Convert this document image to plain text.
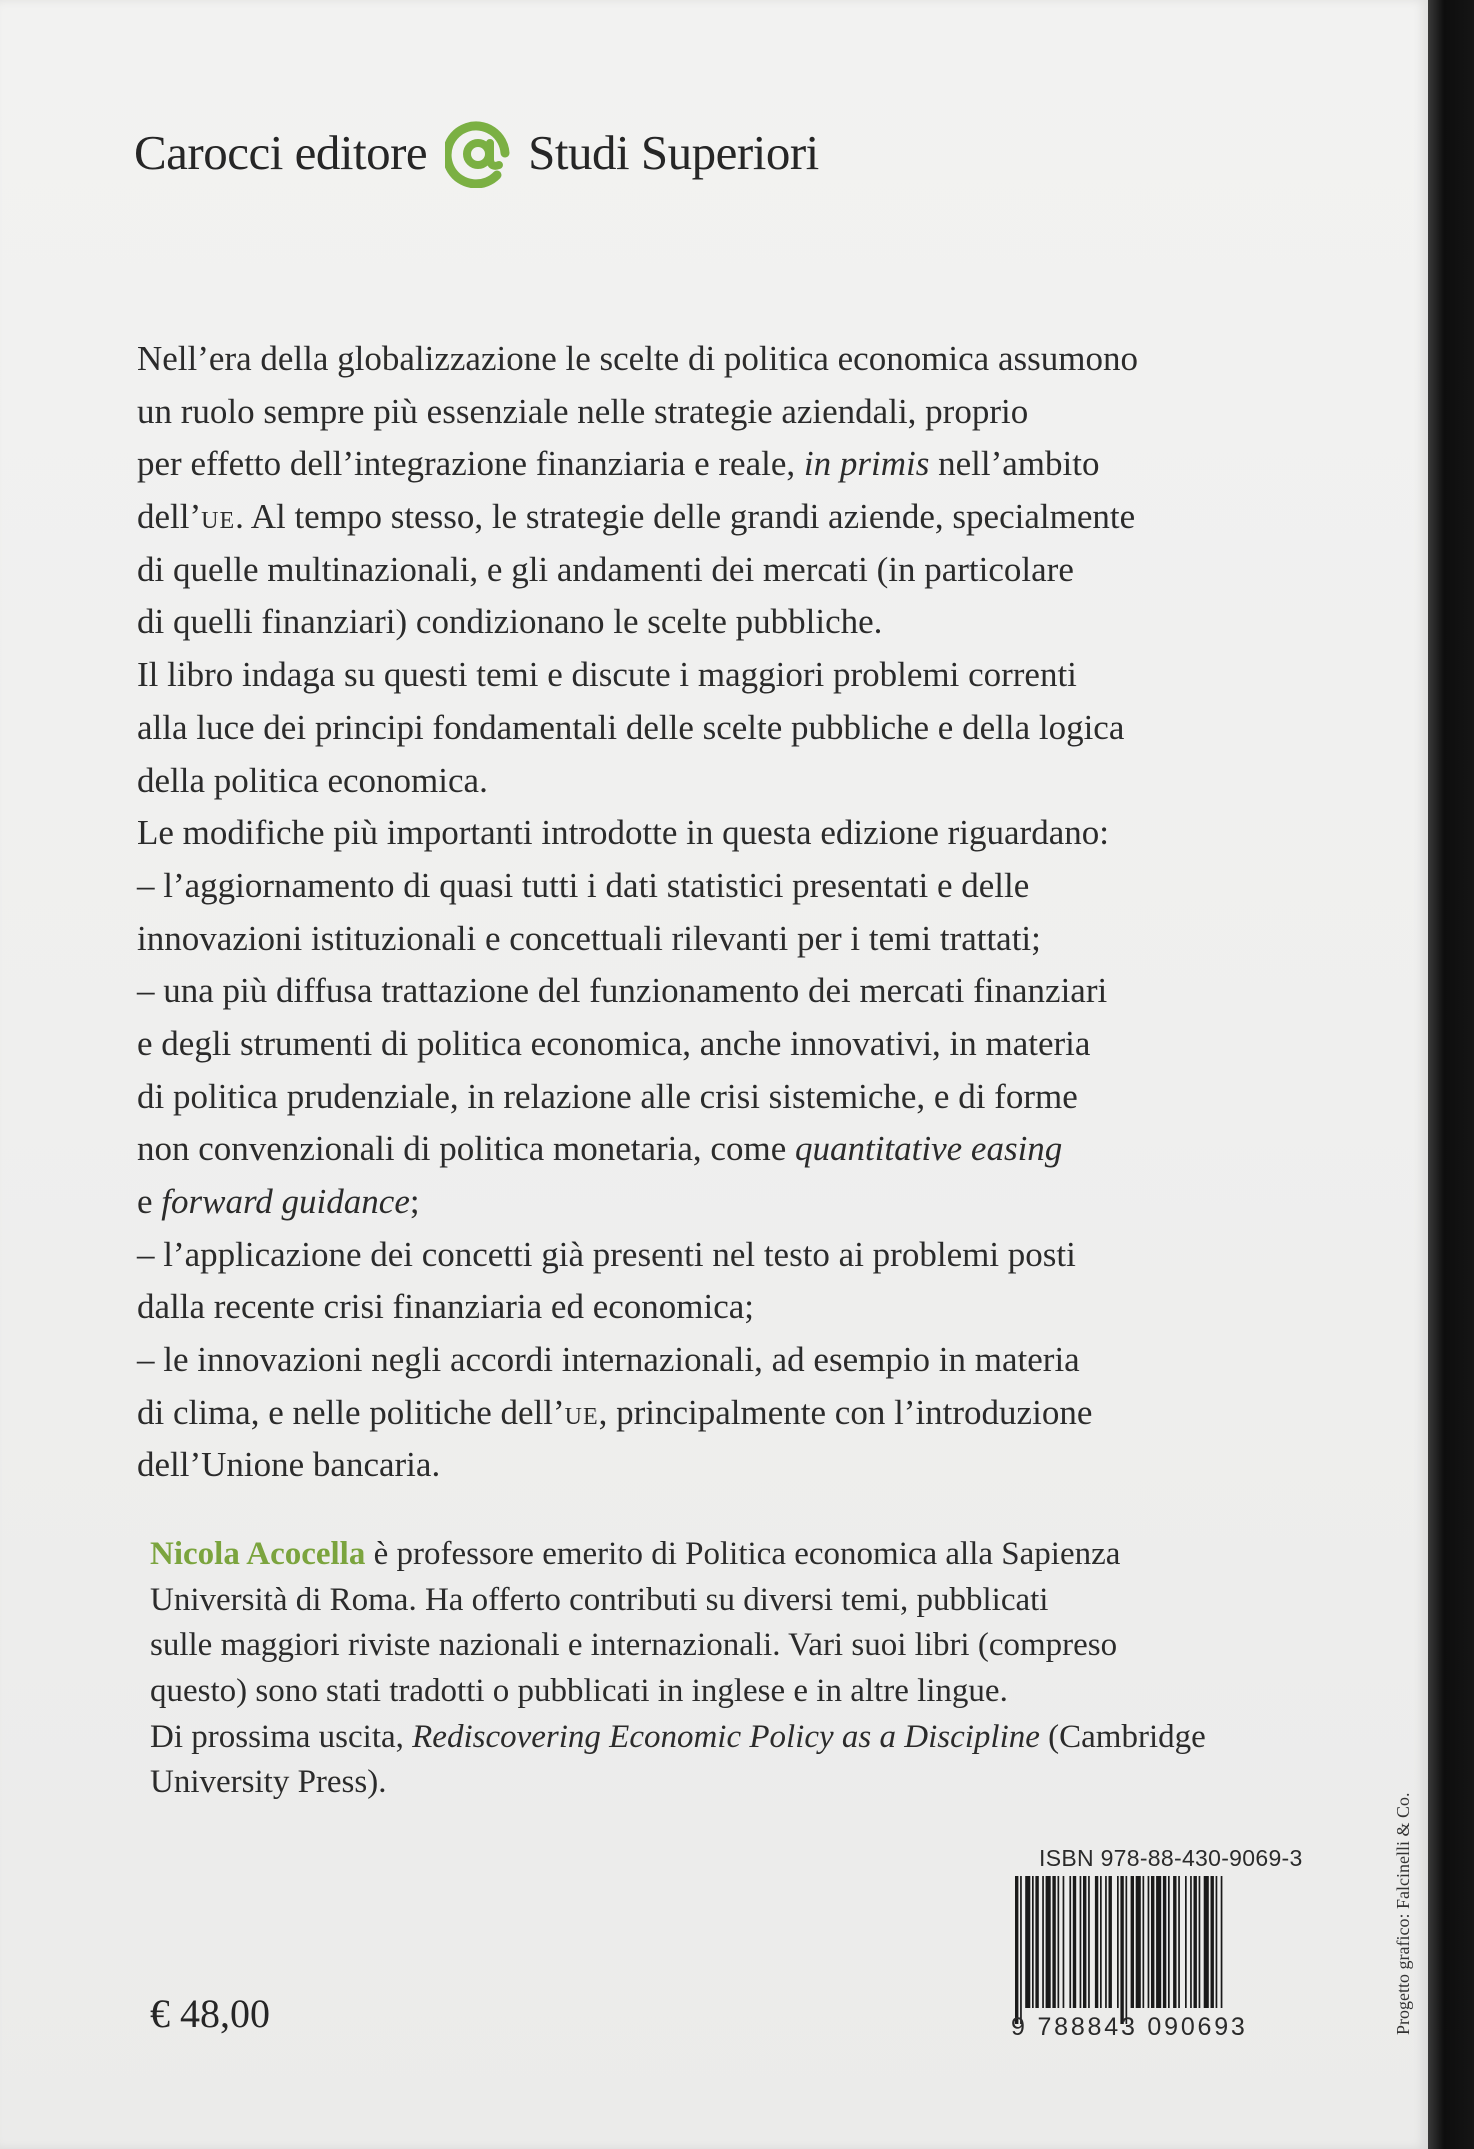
Carocci editore Studi Superiori
Nell’era della globalizzazione le scelte di politica economica assumono
un ruolo sempre più essenziale nelle strategie aziendali, proprio
per effetto dell’integrazione finanziaria e reale, in primis nell’ambito
dell’UE. Al tempo stesso, le strategie delle grandi aziende, specialmente
di quelle multinazionali, e gli andamenti dei mercati (in particolare
di quelli finanziari) condizionano le scelte pubbliche.
Il libro indaga su questi temi e discute i maggiori problemi correnti
alla luce dei principi fondamentali delle scelte pubbliche e della logica
della politica economica.
Le modifiche più importanti introdotte in questa edizione riguardano:
– l’aggiornamento di quasi tutti i dati statistici presentati e delle
innovazioni istituzionali e concettuali rilevanti per i temi trattati;
– una più diffusa trattazione del funzionamento dei mercati finanziari
e degli strumenti di politica economica, anche innovativi, in materia
di politica prudenziale, in relazione alle crisi sistemiche, e di forme
non convenzionali di politica monetaria, come quantitative easing
e forward guidance;
– l’applicazione dei concetti già presenti nel testo ai problemi posti
dalla recente crisi finanziaria ed economica;
– le innovazioni negli accordi internazionali, ad esempio in materia
di clima, e nelle politiche dell’UE, principalmente con l’introduzione
dell’Unione bancaria.
Nicola Acocella è professore emerito di Politica economica alla Sapienza
Università di Roma. Ha offerto contributi su diversi temi, pubblicati
sulle maggiori riviste nazionali e internazionali. Vari suoi libri (compreso
questo) sono stati tradotti o pubblicati in inglese e in altre lingue.
Di prossima uscita, Rediscovering Economic Policy as a Discipline (Cambridge
University Press).
ISBN 978-88-430-9069-3
9 788843 090693
€ 48,00	Progetto grafico: Falcinelli & Co.
